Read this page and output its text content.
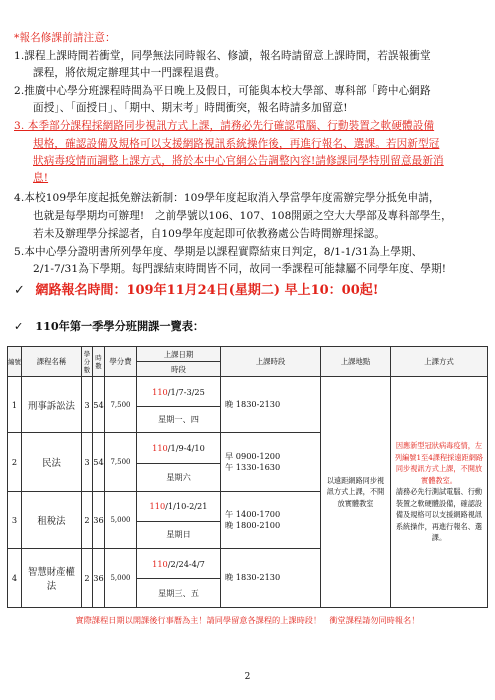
*報名修課前請注意：
1.課程上課時間若衝堂，同學無法同時報名、修讀，報名時請留意上課時間，若誤報衝堂
課程，將依規定辦理其中一門課程退費。
2.推廣中心學分班課程時間為平日晚上及假日，可能與本校大學部、專科部「跨中心網路
面授」、「面授日」、「期中、期末考」時間衝突，報名時請多加留意!
3. 本季部分課程採網路同步視訊方式上課，請務必先行確認電腦、行動裝置之軟硬體設備
規格，確認設備及規格可以支援網路視訊系統操作後，再進行報名、選課。若因新型冠
狀病毒疫情而調整上課方式，將於本中心官網公告調整內容!請修課同學特別留意最新消
息!
4.本校109學年度起抵免辦法新制：109學年度起取消入學當學年度需辦完學分抵免申請，
也就是每學期均可辦理!　之前學號以106、107、108開頭之空大大學部及專科部學生，
若未及辦理學分採認者，自109學年度起即可依教務處公告時間辦理採認。
5.本中心學分證明書所列學年度、學期是以課程實際結束日判定，8/1-1/31為上學期、
2/1-7/31為下學期。每門課結束時間皆不同，故同一季課程可能隸屬不同學年度、學期!
✓ 網路報名時間：109年11月24日(星期二) 早上10：00起!
✓ 110年第一季學分班開課一覽表：
編號	課程名稱	學分數	時數	學分費	上課日期	上課時段	上課地點	上課方式
					時段			
1	刑事訴訟法	3	54	7,500	110/1/7-3/25	晚 1830-2130	以遠距網路同步視訊方式上課，不開放實體教室	因應新型冠狀病毒疫情，左列編號1至4課程採遠距網路同步視訊方式上課，不開放實體教室。
請務必先行測試電腦、行動裝置之軟硬體設備，確認設備及規格可以支援網路視訊系統操作，再進行報名、選課。

					星期一、四			
2	民法	3	54	7,500	110/1/9-4/10	早 0900-1200
午 1330-1630		

					星期六			
3	租稅法	2	36	5,000	110/1/10-2/21	午 1400-1700
晚 1800-2100		

					星期日			
4	智慧財產權法	2	36	5,000	110/2/24-4/7	晚 1830-2130		

					星期三、五			
實際課程日期以開課後行事曆為主！請同學留意各課程的上課時段！　衝堂課程請勿同時報名！
2
